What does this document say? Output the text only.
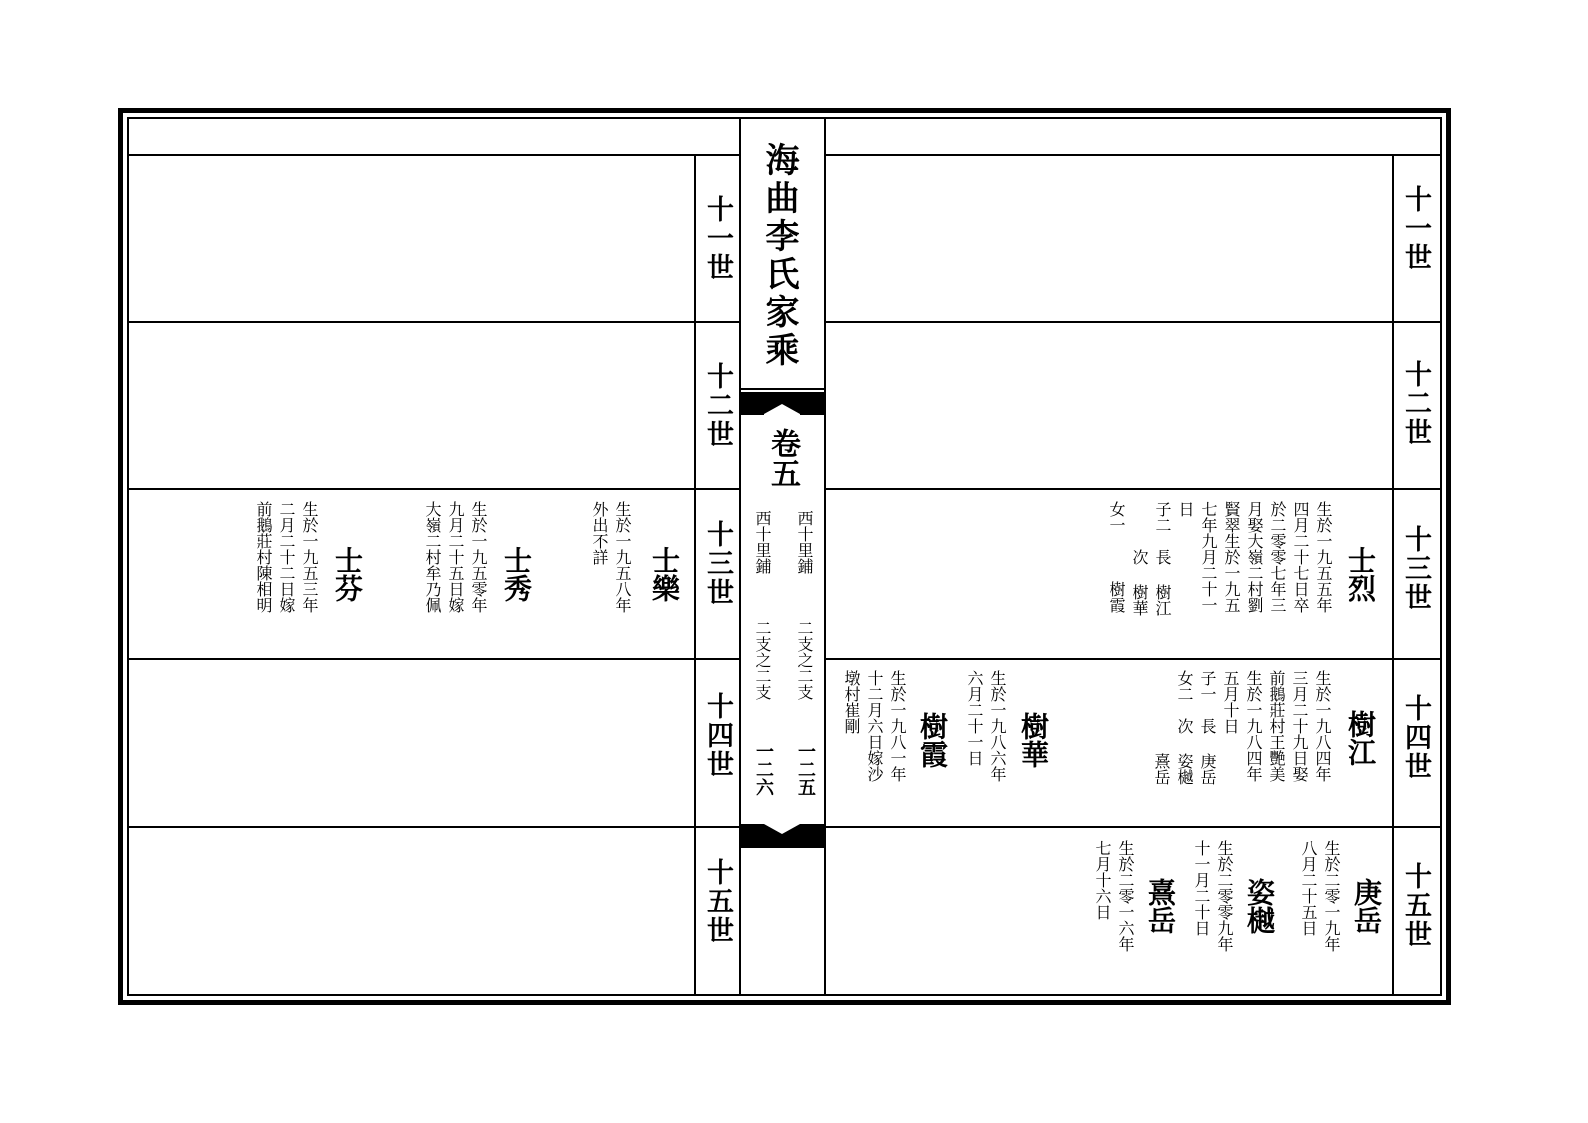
海曲李氏家乘
卷五
西十里鋪
二支之二支
一二五
西十里鋪
二支之二支
一二六
十一世
十二世
十三世
十四世
十五世
十一世
十二世
十三世
十四世
十五世
士烈
生於一九五五年
四月二十七日卒
於二零零七年三
月娶大嶺二村劉
賢翠生於一九五
七年九月二十一
日
子二　長 樹江
　　　次 樹華
女一　　　樹霞
樹江
生於一九八四年
三月二十九日娶
前鵝莊村王艷美
生於一九八四年
五月十日
子一　長 庚岳
女二　次 姿樾
　　　　 熹岳
樹華
生於一九八六年
六月二十一日
樹霞
生於一九八一年
十二月六日嫁沙
墩村崔剛
庚岳
生於二零一九年
八月二十五日
姿樾
生於二零零九年
十一月二十日
熹岳
生於二零一六年
七月十六日
士樂
生於一九五八年
外出不詳
士秀
生於一九五零年
九月二十五日嫁
大嶺二村牟乃佩
士芬
生於一九五三年
二月二十二日嫁
前鵝莊村陳相明
